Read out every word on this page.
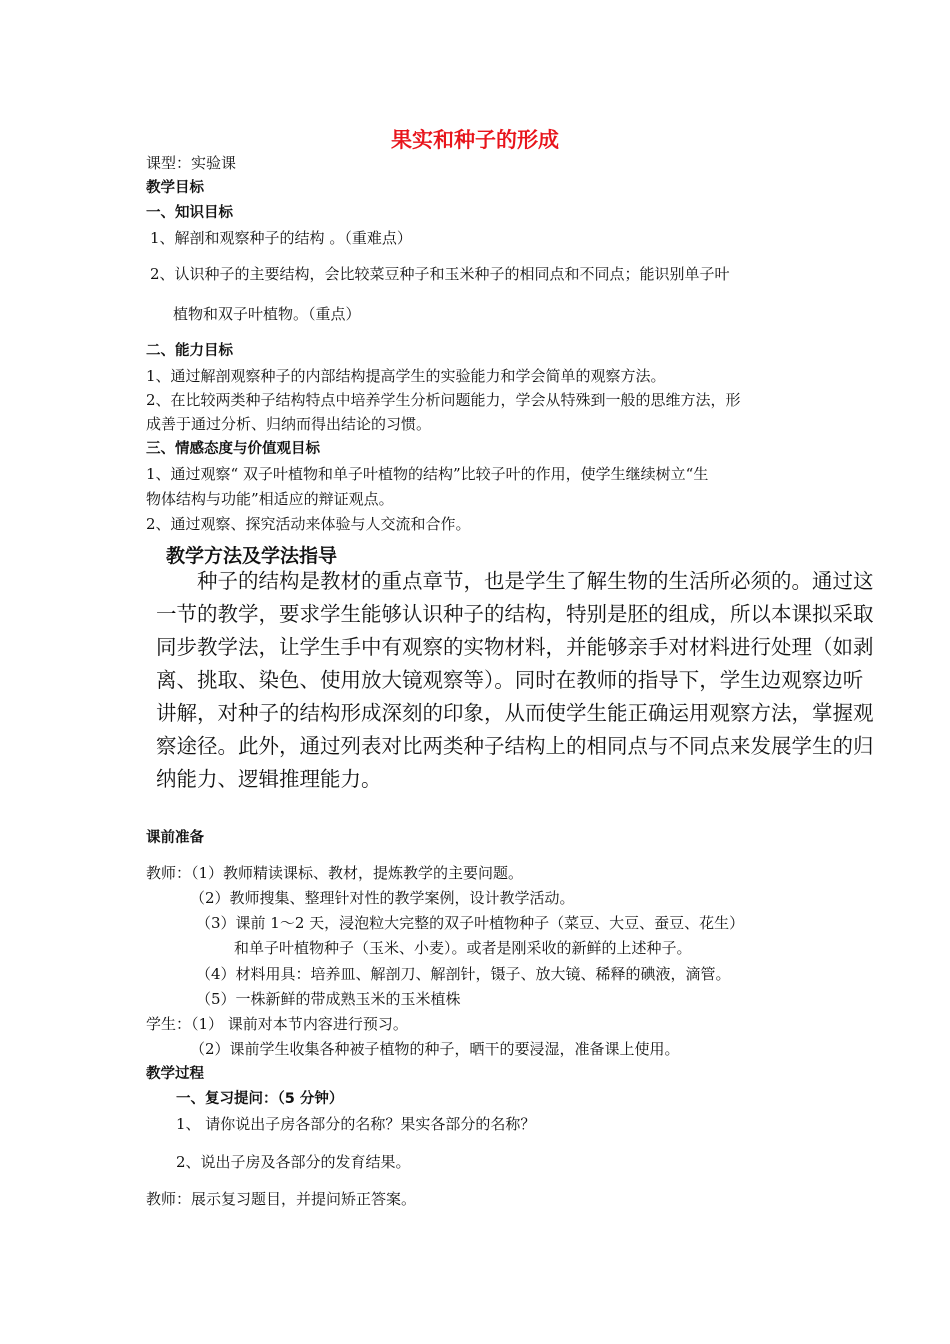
果实和种子的形成
课型：实验课
教学目标
一、知识目标
1、解剖和观察种子的结构 。（重难点）
2、认识种子的主要结构，会比较菜豆种子和玉米种子的相同点和不同点；能识别单子叶
植物和双子叶植物。（重点）
二、能力目标
1、通过解剖观察种子的内部结构提高学生的实验能力和学会简单的观察方法。
2、在比较两类种子结构特点中培养学生分析问题能力，学会从特殊到一般的思维方法，形
成善于通过分析、归纳而得出结论的习惯。
三、情感态度与价值观目标
1、通过观察“ 双子叶植物和单子叶植物的结构”比较子叶的作用，使学生继续树立“生
物体结构与功能”相适应的辩证观点。
2、通过观察、探究活动来体验与人交流和合作。
教学方法及学法指导
种子的结构是教材的重点章节，也是学生了解生物的生活所必须的。通过这
一节的教学，要求学生能够认识种子的结构，特别是胚的组成，所以本课拟采取
同步教学法，让学生手中有观察的实物材料，并能够亲手对材料进行处理（如剥
离、挑取、染色、使用放大镜观察等）。同时在教师的指导下，学生边观察边听
讲解，对种子的结构形成深刻的印象，从而使学生能正确运用观察方法，掌握观
察途径。此外，通过列表对比两类种子结构上的相同点与不同点来发展学生的归
纳能力、逻辑推理能力。
课前准备
教师：（1）教师精读课标、教材，提炼教学的主要问题。
（2）教师搜集、整理针对性的教学案例，设计教学活动。
（3）课前 1～2 天，浸泡粒大完整的双子叶植物种子（菜豆、大豆、蚕豆、花生）
和单子叶植物种子（玉米、小麦）。或者是刚采收的新鲜的上述种子。
（4）材料用具：培养皿、解剖刀、解剖针，镊子、放大镜、稀释的碘液，滴管。
（5）一株新鲜的带成熟玉米的玉米植株
学生：（1） 课前对本节内容进行预习。
（2）课前学生收集各种被子植物的种子，晒干的要浸湿，准备课上使用。
教学过程
一、复习提问：（5 分钟）
1、 请你说出子房各部分的名称？果实各部分的名称？
2、说出子房及各部分的发育结果。
教师：展示复习题目，并提问矫正答案。
